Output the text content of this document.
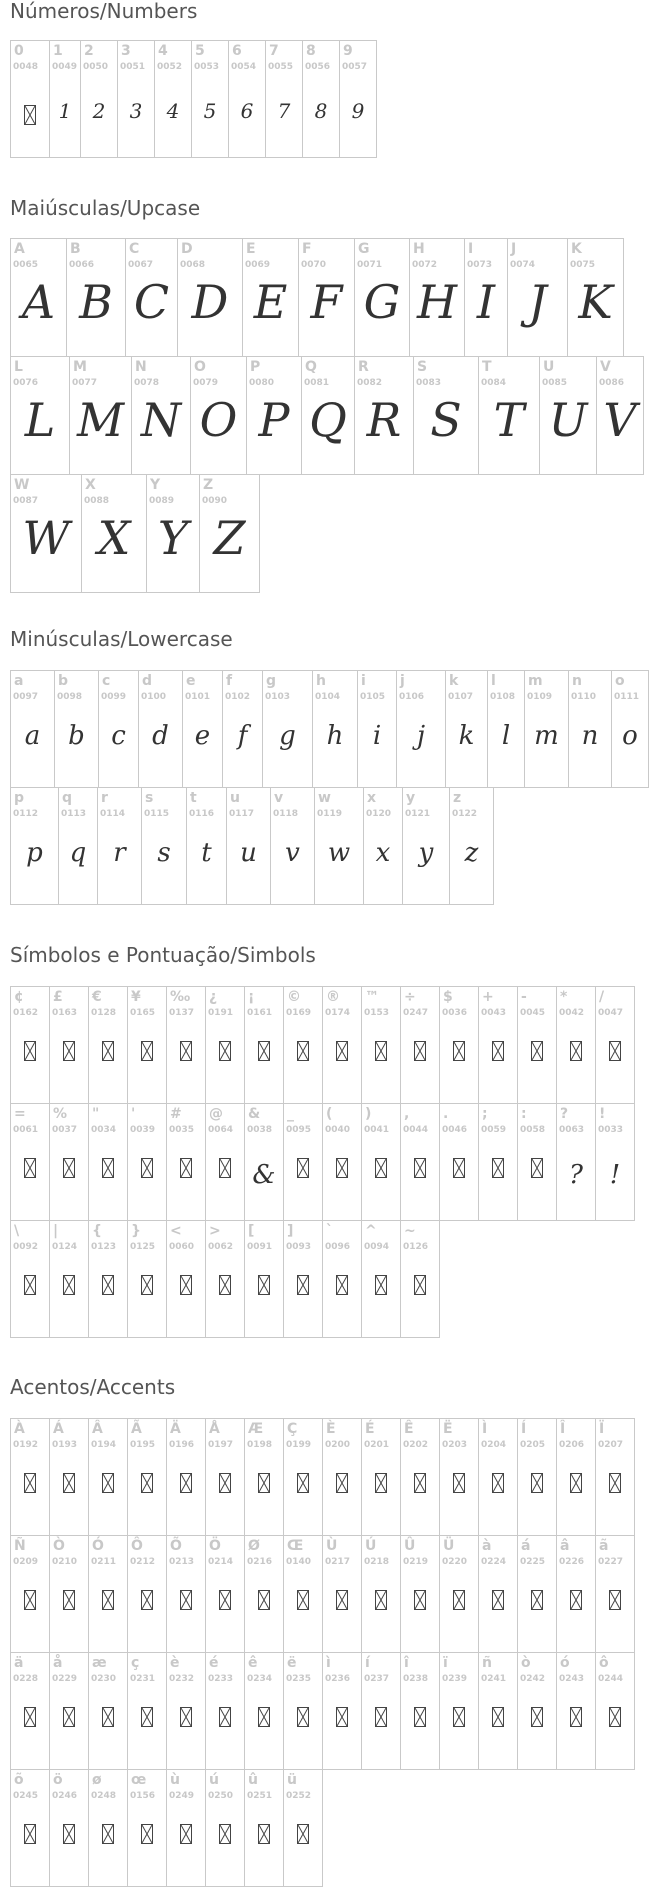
Números/Numbers
0
0048
1
0049
1
2
0050
2
3
0051
3
4
0052
4
5
0053
5
6
0054
6
7
0055
7
8
0056
8
9
0057
9
Maiúsculas/Upcase
A
0065
A
B
0066
B
C
0067
C
D
0068
D
E
0069
E
F
0070
F
G
0071
G
H
0072
H
I
0073
I
J
0074
J
K
0075
K
L
0076
L
M
0077
M
N
0078
N
O
0079
O
P
0080
P
Q
0081
Q
R
0082
R
S
0083
S
T
0084
T
U
0085
U
V
0086
V
W
0087
W
X
0088
X
Y
0089
Y
Z
0090
Z
Minúsculas/Lowercase
a
0097
a
b
0098
b
c
0099
c
d
0100
d
e
0101
e
f
0102
f
g
0103
g
h
0104
h
i
0105
i
j
0106
j
k
0107
k
l
0108
l
m
0109
m
n
0110
n
o
0111
o
p
0112
p
q
0113
q
r
0114
r
s
0115
s
t
0116
t
u
0117
u
v
0118
v
w
0119
w
x
0120
x
y
0121
y
z
0122
z
Símbolos e Pontuação/Simbols
¢
0162
£
0163
€
0128
¥
0165
‰
0137
¿
0191
¡
0161
©
0169
®
0174
™
0153
÷
0247
$
0036
+
0043
-
0045
*
0042
/
0047
=
0061
%
0037
"
0034
'
0039
#
0035
@
0064
&
0038
&
_
0095
(
0040
)
0041
,
0044
.
0046
;
0059
:
0058
?
0063
?
!
0033
!
\
0092
|
0124
{
0123
}
0125
<
0060
>
0062
[
0091
]
0093
`
0096
^
0094
~
0126
Acentos/Accents
À
0192
Á
0193
Â
0194
Ã
0195
Ä
0196
Å
0197
Æ
0198
Ç
0199
È
0200
É
0201
Ê
0202
Ë
0203
Ì
0204
Í
0205
Î
0206
Ï
0207
Ñ
0209
Ò
0210
Ó
0211
Ô
0212
Õ
0213
Ö
0214
Ø
0216
Œ
0140
Ù
0217
Ú
0218
Û
0219
Ü
0220
à
0224
á
0225
â
0226
ã
0227
ä
0228
å
0229
æ
0230
ç
0231
è
0232
é
0233
ê
0234
ë
0235
ì
0236
í
0237
î
0238
ï
0239
ñ
0241
ò
0242
ó
0243
ô
0244
õ
0245
ö
0246
ø
0248
œ
0156
ù
0249
ú
0250
û
0251
ü
0252
